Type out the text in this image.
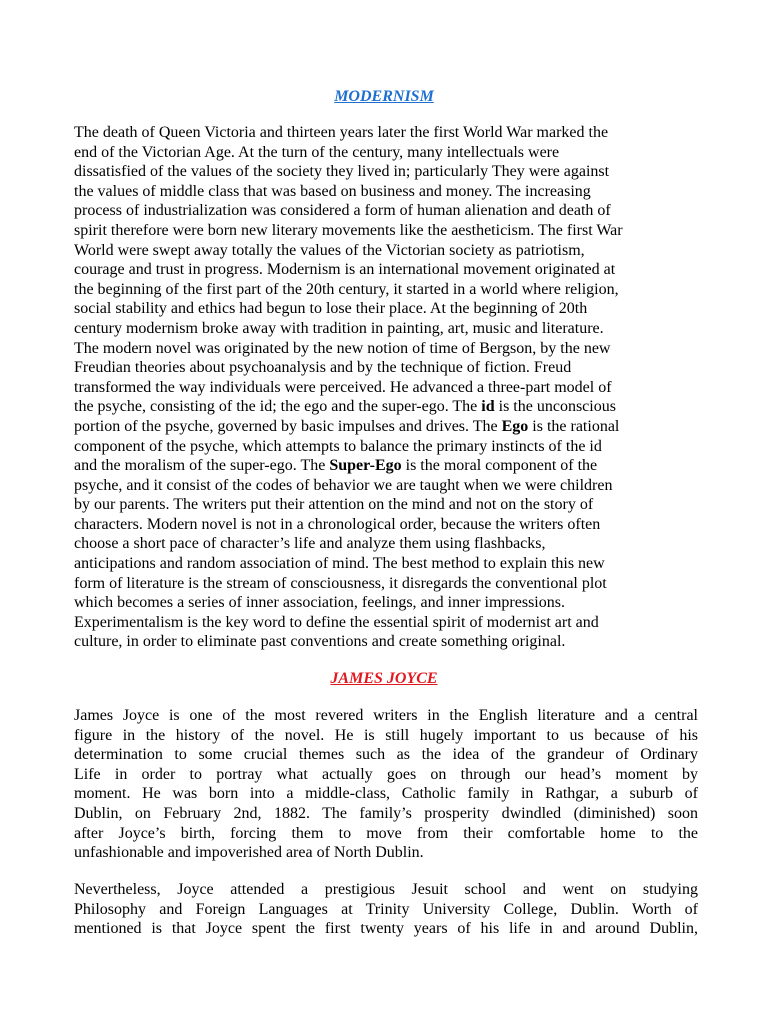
MODERNISM

The death of Queen Victoria and thirteen years later the first World War marked the
end of the Victorian Age. At the turn of the century, many intellectuals were
dissatisfied of the values of the society they lived in; particularly They were against
the values of middle class that was based on business and money. The increasing
process of industrialization was considered a form of human alienation and death of
spirit therefore were born new literary movements like the aestheticism. The first War
World were swept away totally the values of the Victorian society as patriotism,
courage and trust in progress. Modernism is an international movement originated at
the beginning of the first part of the 20th century, it started in a world where religion,
social stability and ethics had begun to lose their place. At the beginning of 20th
century modernism broke away with tradition in painting, art, music and literature.
The modern novel was originated by the new notion of time of Bergson, by the new
Freudian theories about psychoanalysis and by the technique of fiction. Freud
transformed the way individuals were perceived. He advanced a three-part model of
the psyche, consisting of the id; the ego and the super-ego. The id is the unconscious
portion of the psyche, governed by basic impulses and drives. The Ego is the rational
component of the psyche, which attempts to balance the primary instincts of the id
and the moralism of the super-ego. The Super-Ego is the moral component of the
psyche, and it consist of the codes of behavior we are taught when we were children
by our parents. The writers put their attention on the mind and not on the story of
characters. Modern novel is not in a chronological order, because the writers often
choose a short pace of character’s life and analyze them using flashbacks,
anticipations and random association of mind. The best method to explain this new
form of literature is the stream of consciousness, it disregards the conventional plot
which becomes a series of inner association, feelings, and inner impressions.
Experimentalism is the key word to define the essential spirit of modernist art and
culture, in order to eliminate past conventions and create something original.

JAMES JOYCE

James Joyce is one of the most revered writers in the English literature and a central
figure in the history of the novel. He is still hugely important to us because of his
determination to some crucial themes such as the idea of the grandeur of Ordinary
Life in order to portray what actually goes on through our head’s moment by
moment. He was born into a middle-class, Catholic family in Rathgar, a suburb of
Dublin, on February 2nd, 1882. The family’s prosperity dwindled (diminished) soon
after Joyce’s birth, forcing them to move from their comfortable home to the
unfashionable and impoverished area of North Dublin.

Nevertheless, Joyce attended a prestigious Jesuit school and went on studying
Philosophy and Foreign Languages at Trinity University College, Dublin. Worth of
mentioned is that Joyce spent the first twenty years of his life in and around Dublin,
